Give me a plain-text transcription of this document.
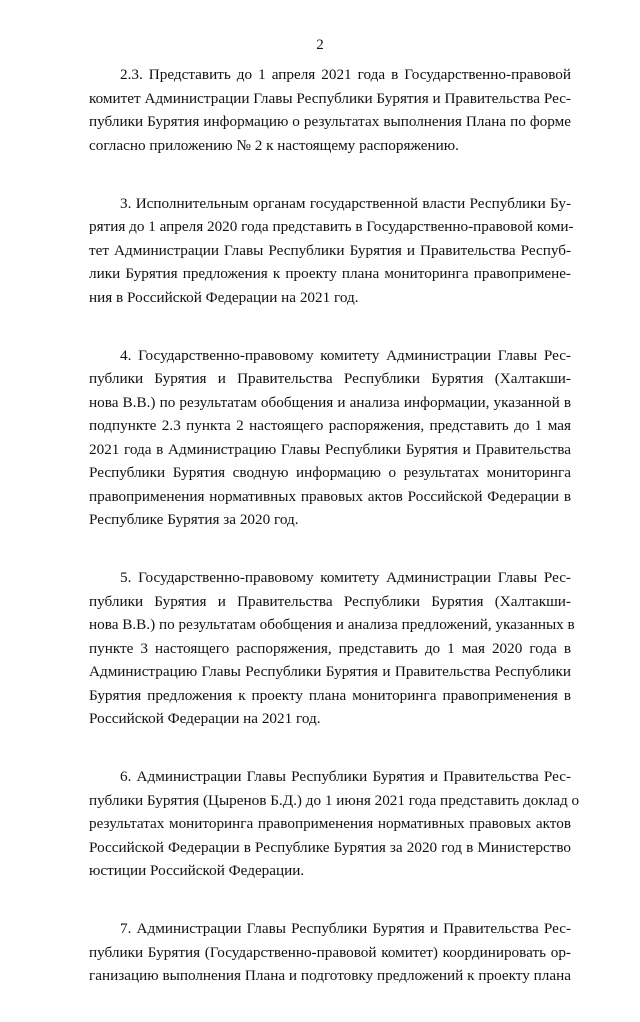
2
2.3. Представить до 1 апреля 2021 года в Государственно-правовой
комитет Администрации Главы Республики Бурятия и Правительства Рес-
публики Бурятия информацию о результатах выполнения Плана по форме
согласно приложению № 2 к настоящему распоряжению.
3. Исполнительным органам государственной власти Республики Бу-
рятия до 1 апреля 2020 года представить в Государственно-правовой коми-
тет Администрации Главы Республики Бурятия и Правительства Респуб-
лики Бурятия предложения к проекту плана мониторинга правопримене-
ния в Российской Федерации на 2021 год.
4. Государственно-правовому комитету Администрации Главы Рес-
публики Бурятия и Правительства Республики Бурятия (Халтакши-
нова В.В.) по результатам обобщения и анализа информации, указанной в
подпункте 2.3 пункта 2 настоящего распоряжения, представить до 1 мая
2021 года в Администрацию Главы Республики Бурятия и Правительства
Республики Бурятия сводную информацию о результатах мониторинга
правоприменения нормативных правовых актов Российской Федерации в
Республике Бурятия за 2020 год.
5. Государственно-правовому комитету Администрации Главы Рес-
публики Бурятия и Правительства Республики Бурятия (Халтакши-
нова В.В.) по результатам обобщения и анализа предложений, указанных в
пункте 3 настоящего распоряжения, представить до 1 мая 2020 года в
Администрацию Главы Республики Бурятия и Правительства Республики
Бурятия предложения к проекту плана мониторинга правоприменения в
Российской Федерации на 2021 год.
6. Администрации Главы Республики Бурятия и Правительства Рес-
публики Бурятия (Цыренов Б.Д.) до 1 июня 2021 года представить доклад о
результатах мониторинга правоприменения нормативных правовых актов
Российской Федерации в Республике Бурятия за 2020 год в Министерство
юстиции Российской Федерации.
7. Администрации Главы Республики Бурятия и Правительства Рес-
публики Бурятия (Государственно-правовой комитет) координировать ор-
ганизацию выполнения Плана и подготовку предложений к проекту плана
